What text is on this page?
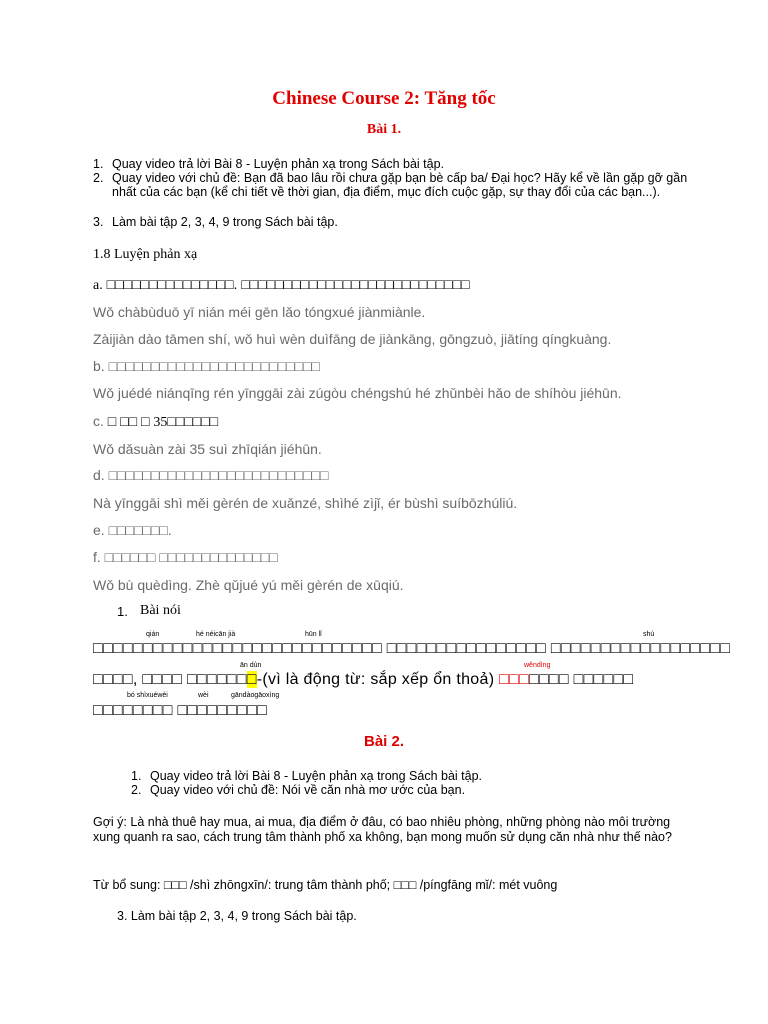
Chinese Course 2: Tăng tốc
Bài 1.
1. Quay video trả lời Bài 8 - Luyện phản xạ trong Sách bài tập.
2. Quay video với chủ đề: Bạn đã bao lâu rồi chưa gặp bạn bè cấp ba/ Đại học? Hãy kể về lần gặp gỡ gần nhất của các bạn (kể chi tiết về thời gian, địa điểm, mục đích cuộc gặp, sự thay đổi của các bạn...).
3. Làm bài tập 2, 3, 4, 9 trong Sách bài tập.
1.8 Luyện phản xạ
a. □□□□□□□□□□□□□□□. □□□□□□□□□□□□□□□□□□□□□□□□□□□
Wǒ chàbùduō yī nián méi gēn lǎo tóngxué jiànmiànle.
Zàijiàn dào tāmen shí, wǒ huì wèn duìfāng de jiànkāng, gōngzuò, jiātíng qíngkuàng.
b. □□□□□□□□□□□□□□□□□□□□□□□□□
Wǒ juédé niánqīng rén yīnggāi zài zúgòu chéngshú hé zhǔnbèi hǎo de shíhòu jiéhūn.
c. □ □□ □ 35□□□□□□
Wǒ dǎsuàn zài 35 suì zhīqián jiéhūn.
d. □□□□□□□□□□□□□□□□□□□□□□□□□□
Nà yīnggāi shì měi gèrén de xuǎnzé, shìhé zìjǐ, ér bùshì suíbōzhúliú.
e. □□□□□□□.
f. □□□□□□ □□□□□□□□□□□□□□
Wǒ bù quèdìng. Zhè qǔjué yú měi gèrén de xūqiú.
1. Bài nói
qián	hé néicān jià	hūn lǐ	shù
□□□□□□□□□□□□□□□□□□□□□□□□□□□□□ □□□□□□□□□□□□□□□□ □□□□□□□□□□□□□□□□□□
ān dùn	wěndìng
□□□□, □□□□ □□□□□□□-(vì là động từ: sắp xếp ổn thoả) □□□□□□□ □□□□□□
bó shìxuéwèi	wèi	gāndàogāoxìng
□□□□□□□□ □□□□□□□□□
Bài 2.
1. Quay video trả lời Bài 8 - Luyện phản xạ trong Sách bài tập.
2. Quay video với chủ đề: Nói về căn nhà mơ ước của bạn.
Gợi ý: Là nhà thuê hay mua, ai mua, địa điểm ở đâu, có bao nhiêu phòng, những phòng nào môi trường xung quanh ra sao, cách trung tâm thành phố xa không, bạn mong muốn sử dụng căn nhà như thế nào?
Từ bổ sung: □□□ /shì zhōngxīn/: trung tâm thành phố; □□□ /píngfāng mǐ/: mét vuông
3. Làm bài tập 2, 3, 4, 9 trong Sách bài tập.
